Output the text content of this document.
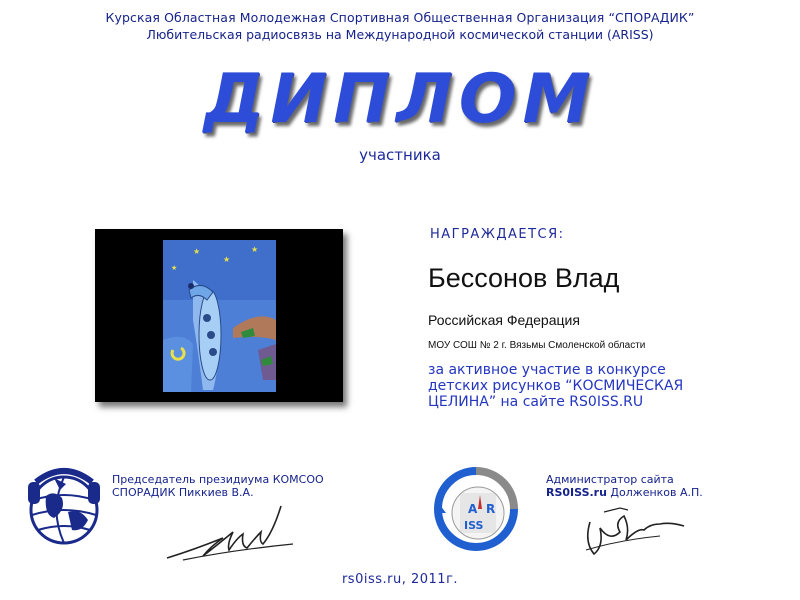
Курская Областная Молодежная Спортивная Общественная Организация “СПОРАДИК”
Любительская радиосвязь на Международной космической станции (ARISS)
ДИПЛОМ
участника
★
★
★
★
НАГРАЖДАЕТСЯ:
Бессонов Влад
Российская Федерация
МОУ СОШ № 2 г. Вязьмы Смоленской области
за активное участие в конкурсе
детских рисунков “КОСМИЧЕСКАЯ
ЦЕЛИНА” на сайте RS0ISS.RU
Председатель президиума КОМСОО
СПОРАДИК Пиккиев В.А.
A R
ISS
Администратор сайта
RS0ISS.ru Долженков А.П.
rs0iss.ru, 2011г.
